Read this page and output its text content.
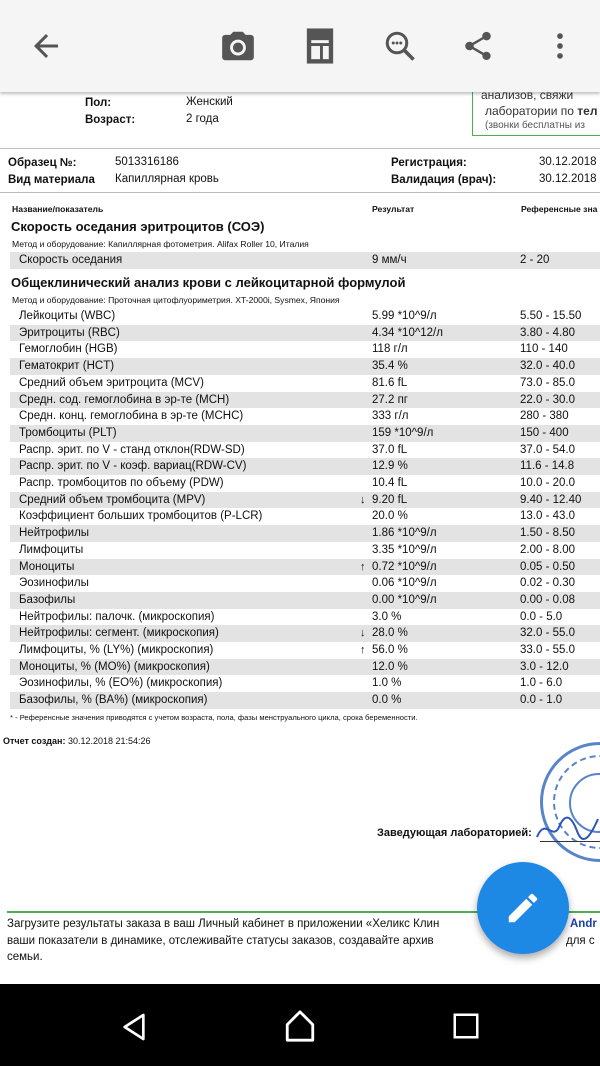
анализов, свяжи
лаборатории по тел
(звонки бесплатны из
Пол:	Женский
Возраст:	2 года
Образец №:	5013316186
Вид материала Капиллярная кровь
Регистрация:	30.12.2018
Валидация (врач):	30.12.2018
Название/показатель	Результат	Референсные зна
Скорость оседания эритроцитов (СОЭ)
Метод и оборудование: Капиллярная фотометрия. Alifax Roller 10, Италия
Скорость оседания	9 мм/ч	2 - 20
Общеклинический анализ крови с лейкоцитарной формулой
Метод и оборудование: Проточная цитофлуориметрия. XT-2000i, Sysmex, Япония
Лейкоциты (WBC)	5.99 *10^9/л	5.50 - 15.50
Эритроциты (RBC)	4.34 *10^12/л	3.80 - 4.80
Гемоглобин (HGB)	118 г/л	110 - 140
Гематокрит (HCT)	35.4 %	32.0 - 40.0
Средний объем эритроцита (MCV)	81.6 fL	73.0 - 85.0
Средн. сод. гемоглобина в эр-те (MCH)	27.2 пг	22.0 - 30.0
Средн. конц. гемоглобина в эр-те (MCHC)	333 г/л	280 - 380
Тромбоциты (PLT)	159 *10^9/л	150 - 400
Распр. эрит. по V - станд отклон(RDW-SD)	37.0 fL	37.0 - 54.0
Распр. эрит. по V - коэф. вариац(RDW-CV)	12.9 %	11.6 - 14.8
Распр. тромбоцитов по объему (PDW)	10.4 fL	10.0 - 20.0
Средний объем тромбоцита (MPV)	↓ 9.20 fL	9.40 - 12.40
Коэффициент больших тромбоцитов (P-LCR)	20.0 %	13.0 - 43.0
Нейтрофилы	1.86 *10^9/л	1.50 - 8.50
Лимфоциты	3.35 *10^9/л	2.00 - 8.00
Моноциты	↑ 0.72 *10^9/л	0.05 - 0.50
Эозинофилы	0.06 *10^9/л	0.02 - 0.30
Базофилы	0.00 *10^9/л	0.00 - 0.08
Нейтрофилы: палочк. (микроскопия)	3.0 %	0.0 - 5.0
Нейтрофилы: сегмент. (микроскопия)	↓ 28.0 %	32.0 - 55.0
Лимфоциты, % (LY%) (микроскопия)	↑ 56.0 %	33.0 - 55.0
Моноциты, % (MO%) (микроскопия)	12.0 %	3.0 - 12.0
Эозинофилы, % (EO%) (микроскопия)	1.0 %	1.0 - 6.0
Базофилы, % (BA%) (микроскопия)	0.0 %	0.0 - 1.0
* - Референсные значения приводятся с учетом возраста, пола, фазы менструального цикла, срока беременности.
Отчет создан: 30.12.2018 21:54:26
Заведующая лабораторией:
Загрузите результаты заказа в ваш Личный кабинет в приложении «Хеликс Клин	Andr
ваши показатели в динамике, отслеживайте статусы заказов, создавайте архив	для с
семьи.
